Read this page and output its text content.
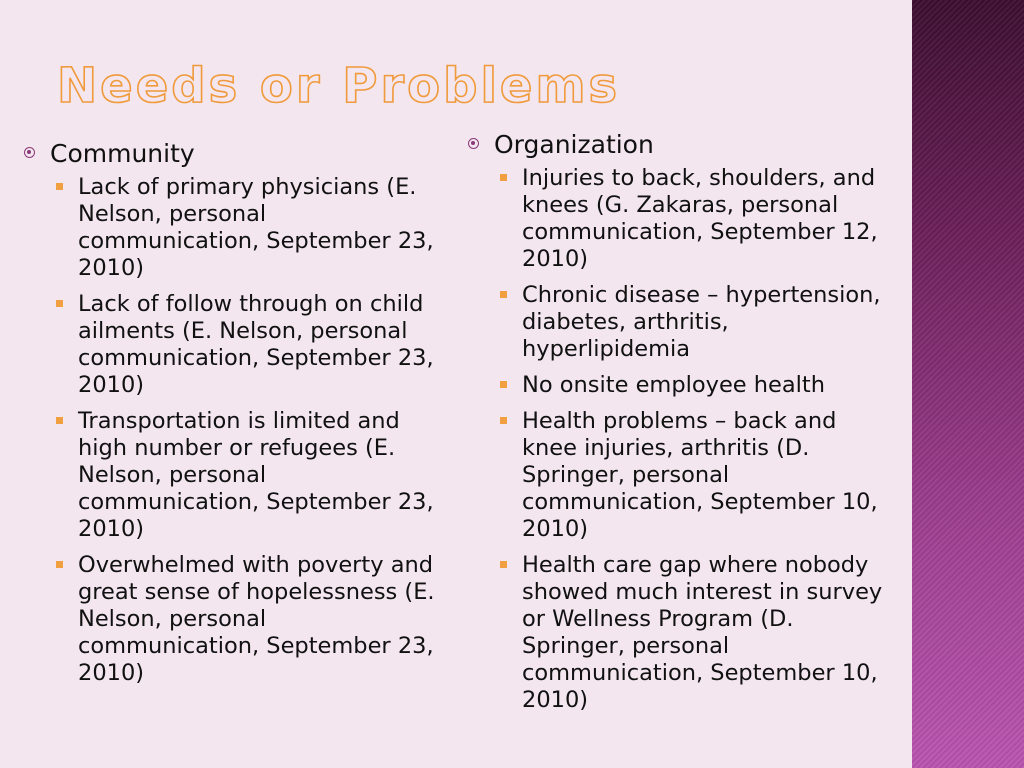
Needs or Problems
Community
Lack of primary physicians (E. Nelson, personal communication, September 23, 2010)
Lack of follow through on child ailments (E. Nelson, personal communication, September 23, 2010)
Transportation is limited and high number or refugees (E. Nelson, personal communication, September 23, 2010)
Overwhelmed with poverty and great sense of hopelessness (E. Nelson, personal communication, September 23, 2010)
Organization
Injuries to back, shoulders, and knees (G. Zakaras, personal communication, September 12, 2010)
Chronic disease – hypertension, diabetes, arthritis, hyperlipidemia
No onsite employee health
Health problems – back and knee injuries, arthritis (D. Springer, personal communication, September 10, 2010)
Health care gap where nobody showed much interest in survey or Wellness Program (D. Springer, personal communication, September 10, 2010)
